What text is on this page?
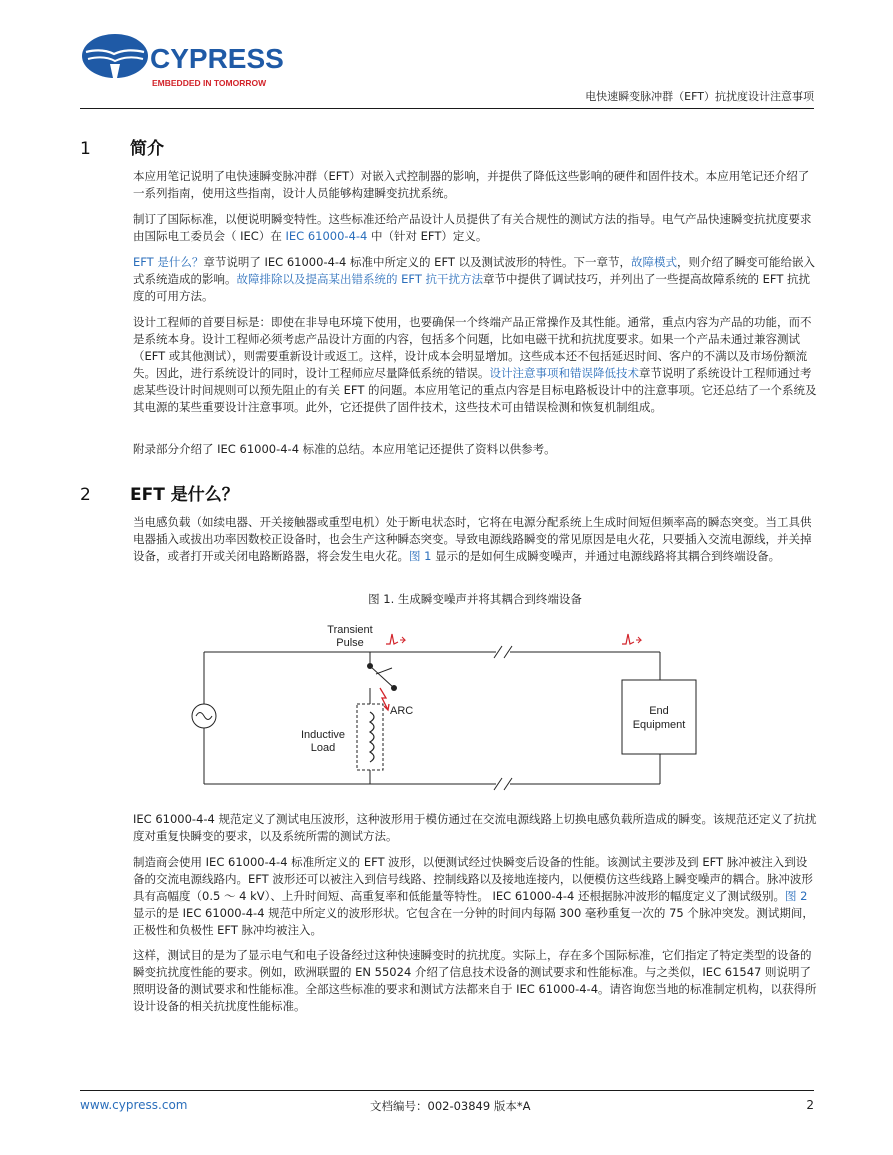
CYPRESS
EMBEDDED IN TOMORROW
电快速瞬变脉冲群（EFT）抗扰度设计注意事项
1 简介

本应用笔记说明了电快速瞬变脉冲群（EFT）对嵌入式控制器的影响，并提供了降低这些影响的硬件和固件技术。本应用笔记还介绍了一系列指南，使用这些指南，设计人员能够构建瞬变抗扰系统。

制订了国际标准，以便说明瞬变特性。这些标准还给产品设计人员提供了有关合规性的测试方法的指导。电气产品快速瞬变抗扰度要求由国际电工委员会（ IEC）在 IEC 61000-4-4 中（针对 EFT）定义。

EFT 是什么？章节说明了 IEC 61000-4-4 标准中所定义的 EFT 以及测试波形的特性。下一章节，故障模式，则介绍了瞬变可能给嵌入式系统造成的影响。故障排除以及提高某出错系统的 EFT 抗干扰方法章节中提供了调试技巧，并列出了一些提高故障系统的 EFT 抗扰度的可用方法。

设计工程师的首要目标是：即使在非导电环境下使用，也要确保一个终端产品正常操作及其性能。通常，重点内容为产品的功能，而不是系统本身。设计工程师必须考虑产品设计方面的内容，包括多个问题，比如电磁干扰和抗扰度要求。如果一个产品未通过兼容测试（EFT 或其他测试），则需要重新设计或返工。这样，设计成本会明显增加。这些成本还不包括延迟时间、客户的不满以及市场份额流失。因此，进行系统设计的同时，设计工程师应尽量降低系统的错误。设计注意事项和错误降低技术章节说明了系统设计工程师通过考虑某些设计时间规则可以预先阻止的有关 EFT 的问题。本应用笔记的重点内容是目标电路板设计中的注意事项。它还总结了一个系统及其电源的某些重要设计注意事项。此外，它还提供了固件技术，这些技术可由错误检测和恢复机制组成。

附录部分介绍了 IEC 61000-4-4 标准的总结。本应用笔记还提供了资料以供参考。

2 EFT 是什么？

当电感负载（如续电器、开关接触器或重型电机）处于断电状态时，它将在电源分配系统上生成时间短但频率高的瞬态突变。当工具供电器插入或拔出功率因数校正设备时，也会生产这种瞬态突变。导致电源线路瞬变的常见原因是电火花，只要插入交流电源线，并关掉设备，或者打开或关闭电路断路器，将会发生电火花。图 1 显示的是如何生成瞬变噪声，并通过电源线路将其耦合到终端设备。

图 1. 生成瞬变噪声并将其耦合到终端设备
End
Equipment
ARC
Inductive
Load
Transient
Pulse

IEC 61000-4-4 规范定义了测试电压波形，这种波形用于模仿通过在交流电源线路上切换电感负载所造成的瞬变。该规范还定义了抗扰度对重复快瞬变的要求，以及系统所需的测试方法。

制造商会使用 IEC 61000-4-4 标准所定义的 EFT 波形，以便测试经过快瞬变后设备的性能。该测试主要涉及到 EFT 脉冲被注入到设备的交流电源线路内。EFT 波形还可以被注入到信号线路、控制线路以及接地连接内，以便模仿这些线路上瞬变噪声的耦合。脉冲波形具有高幅度（0.5 ～ 4 kV）、上升时间短、高重复率和低能量等特性。 IEC 61000-4-4 还根据脉冲波形的幅度定义了测试级别。图 2 显示的是 IEC 61000-4-4 规范中所定义的波形形状。它包含在一分钟的时间内每隔 300 毫秒重复一次的 75 个脉冲突发。测试期间，正极性和负极性 EFT 脉冲均被注入。

这样，测试目的是为了显示电气和电子设备经过这种快速瞬变时的抗扰度。实际上，存在多个国际标准，它们指定了特定类型的设备的瞬变抗扰度性能的要求。例如，欧洲联盟的 EN 55024 介绍了信息技术设备的测试要求和性能标准。与之类似，IEC 61547 则说明了照明设备的测试要求和性能标准。全部这些标准的要求和测试方法都来自于 IEC 61000-4-4。请咨询您当地的标准制定机构，以获得所设计设备的相关抗扰度性能标准。

www.cypress.com	文档编号：002-03849 版本*A	2
